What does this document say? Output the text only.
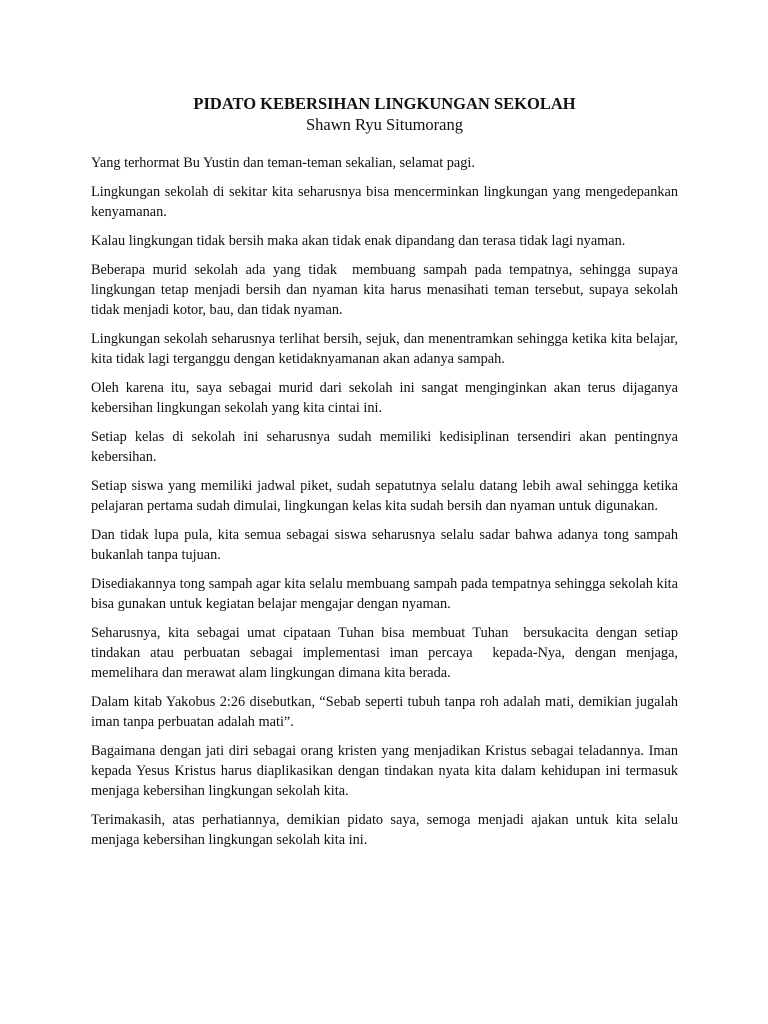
PIDATO KEBERSIHAN LINGKUNGAN SEKOLAH

Shawn Ryu Situmorang

Yang terhormat Bu Yustin dan teman-teman sekalian, selamat pagi.

Lingkungan sekolah di sekitar kita seharusnya bisa mencerminkan lingkungan yang mengedepankan kenyamanan.

Kalau lingkungan tidak bersih maka akan tidak enak dipandang dan terasa tidak lagi nyaman.

Beberapa murid sekolah ada yang tidak  membuang sampah pada tempatnya, sehingga supaya lingkungan tetap menjadi bersih dan nyaman kita harus menasihati teman tersebut, supaya sekolah tidak menjadi kotor, bau, dan tidak nyaman.

Lingkungan sekolah seharusnya terlihat bersih, sejuk, dan menentramkan sehingga ketika kita belajar, kita tidak lagi terganggu dengan ketidaknyamanan akan adanya sampah.

Oleh karena itu, saya sebagai murid dari sekolah ini sangat menginginkan akan terus dijaganya kebersihan lingkungan sekolah yang kita cintai ini.

Setiap kelas di sekolah ini seharusnya sudah memiliki kedisiplinan tersendiri akan pentingnya kebersihan.

Setiap siswa yang memiliki jadwal piket, sudah sepatutnya selalu datang lebih awal sehingga ketika pelajaran pertama sudah dimulai, lingkungan kelas kita sudah bersih dan nyaman untuk digunakan.

Dan tidak lupa pula, kita semua sebagai siswa seharusnya selalu sadar bahwa adanya tong sampah bukanlah tanpa tujuan.

Disediakannya tong sampah agar kita selalu membuang sampah pada tempatnya sehingga sekolah kita bisa gunakan untuk kegiatan belajar mengajar dengan nyaman.

Seharusnya, kita sebagai umat cipataan Tuhan bisa membuat Tuhan  bersukacita dengan setiap tindakan atau perbuatan sebagai implementasi iman percaya  kepada-Nya, dengan menjaga, memelihara dan merawat alam lingkungan dimana kita berada.

Dalam kitab Yakobus 2:26 disebutkan, “Sebab seperti tubuh tanpa roh adalah mati, demikian jugalah iman tanpa perbuatan adalah mati”.

Bagaimana dengan jati diri sebagai orang kristen yang menjadikan Kristus sebagai teladannya. Iman kepada Yesus Kristus harus diaplikasikan dengan tindakan nyata kita dalam kehidupan ini termasuk menjaga kebersihan lingkungan sekolah kita.

Terimakasih, atas perhatiannya, demikian pidato saya, semoga menjadi ajakan untuk kita selalu menjaga kebersihan lingkungan sekolah kita ini.
